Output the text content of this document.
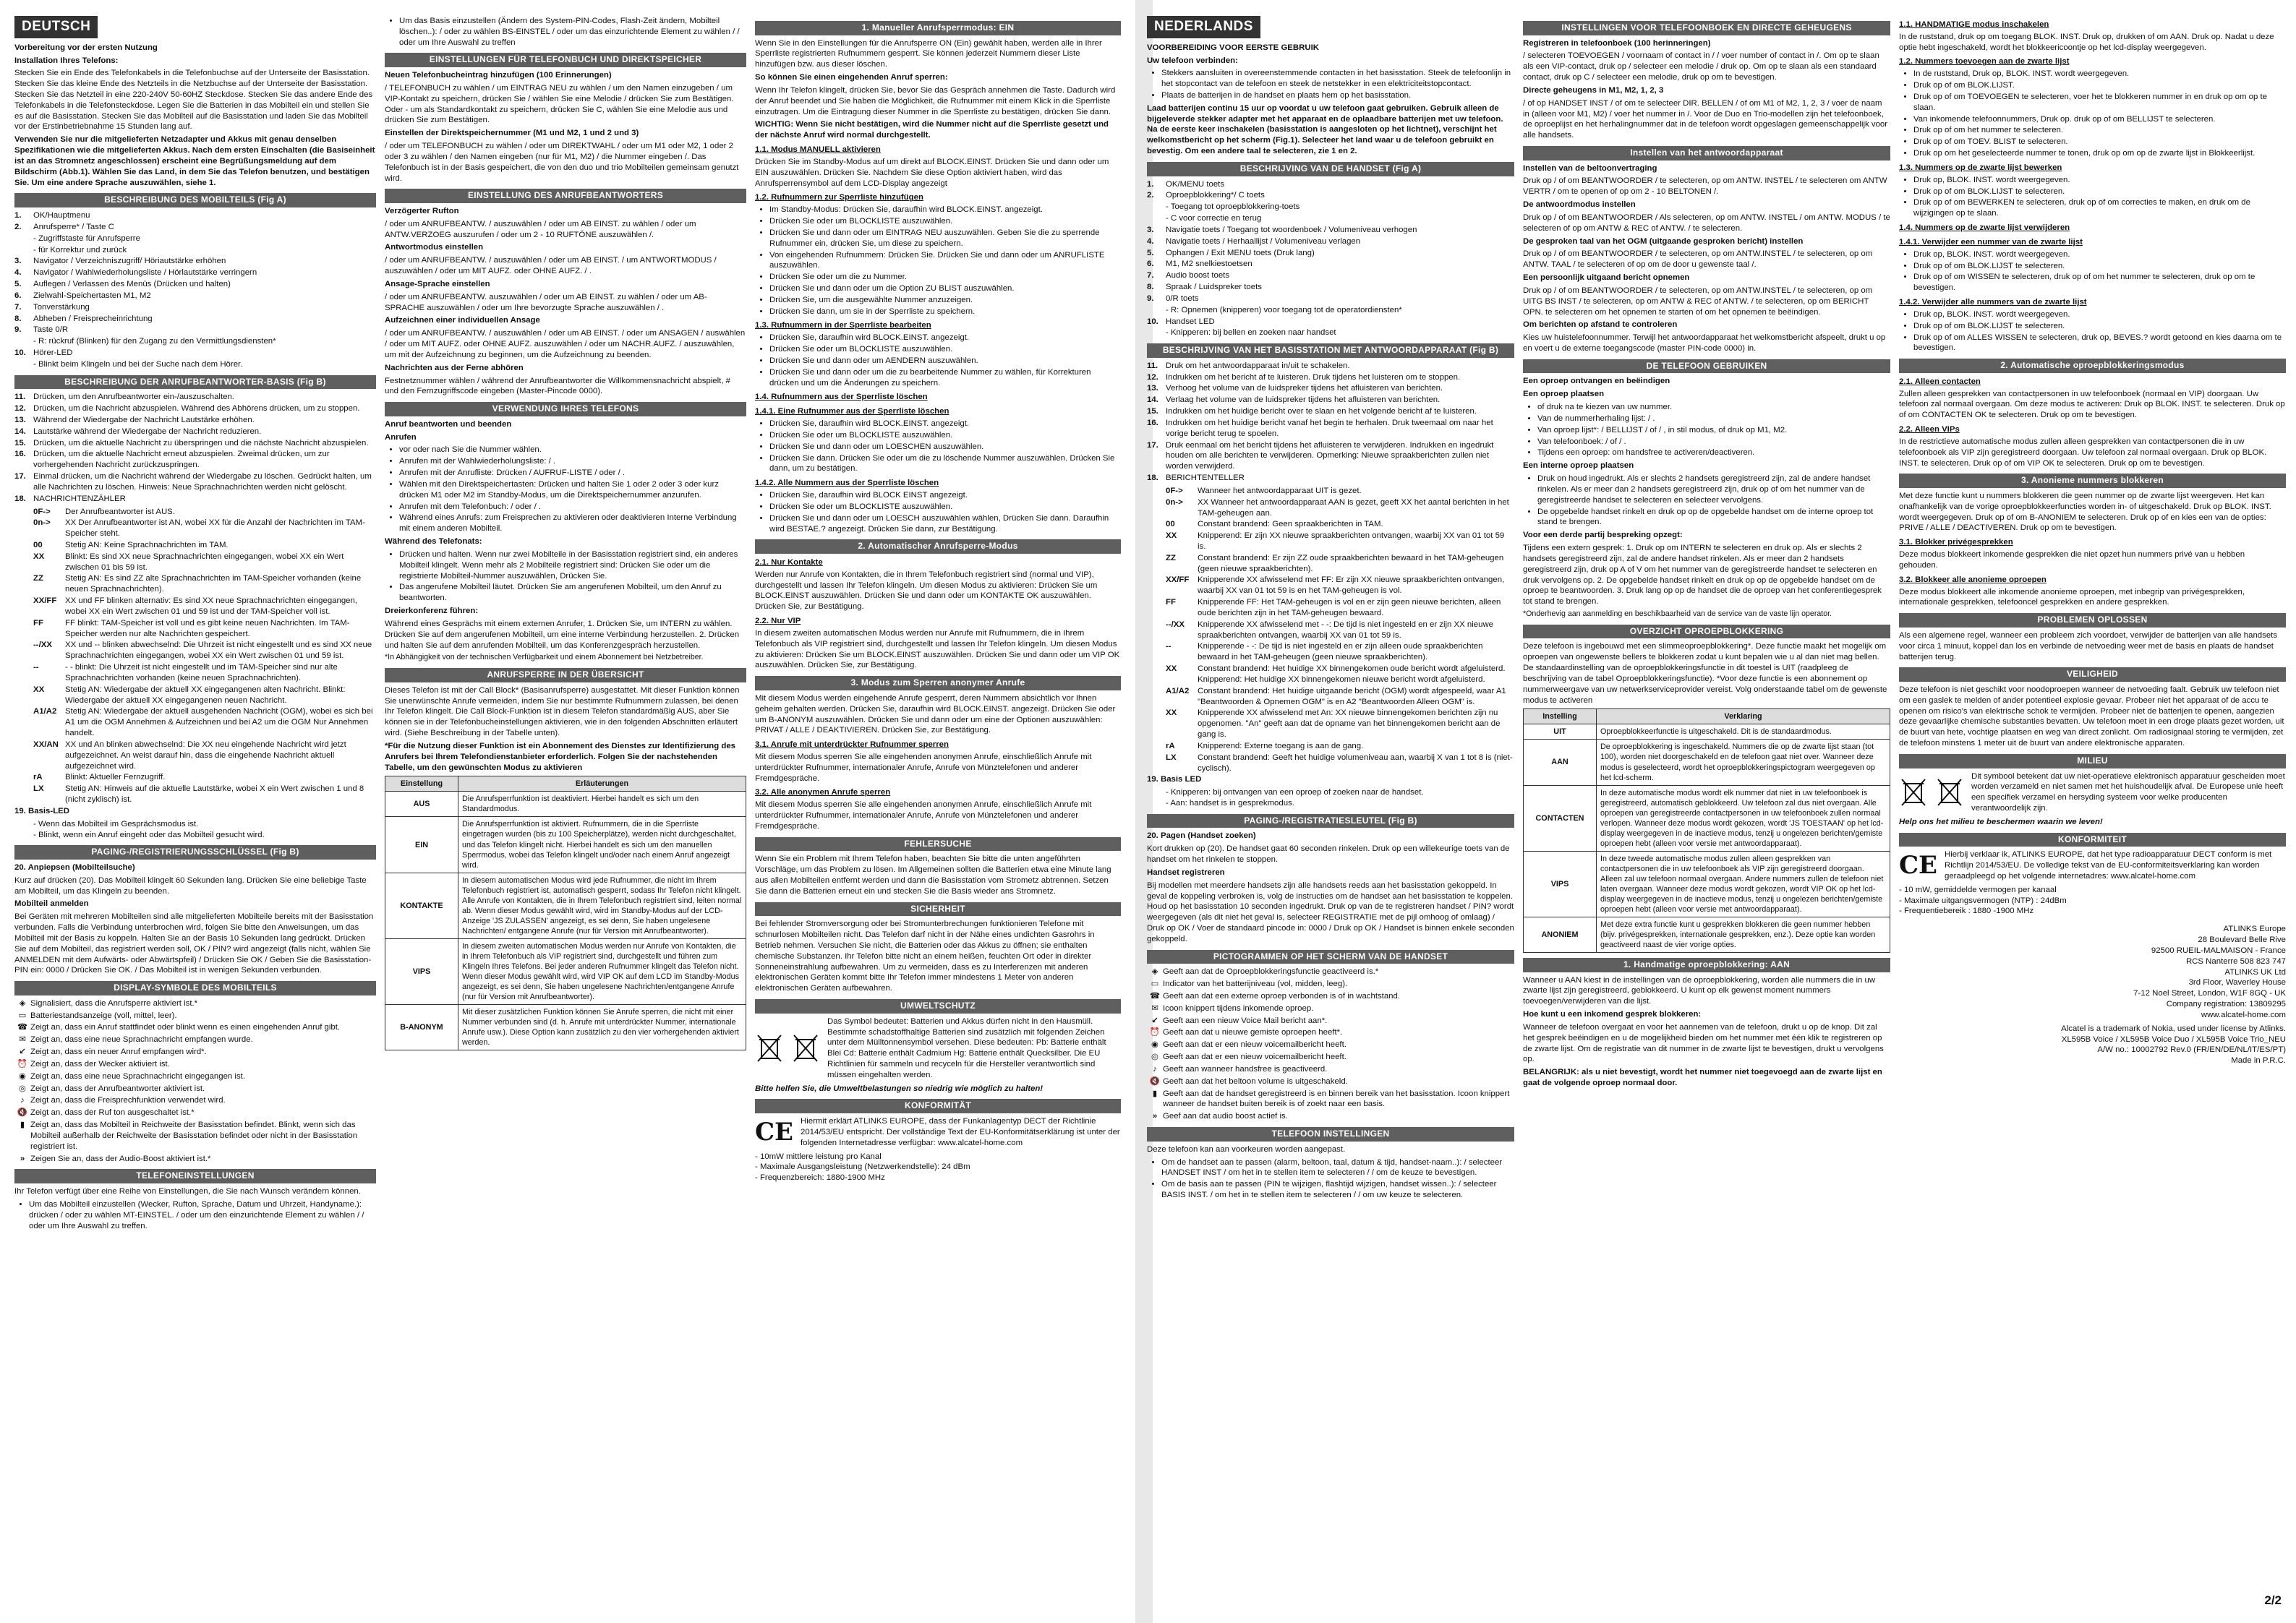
DEUTSCH

Vorbereitung vor der ersten Nutzung

Installation Ihres Telefons:

Stecken Sie ein Ende des Telefonkabels in die Telefonbuchse auf der Unterseite der Basisstation. Stecken Sie das kleine Ende des Netzteils in die Netzbuchse auf der Unterseite der Basisstation. Stecken Sie das Netzteil in eine 220-240V 50-60HZ Steckdose. Stecken Sie das andere Ende des Telefonkabels in die Telefonsteckdose. Legen Sie die Batterien in das Mobilteil ein und stellen Sie es auf die Basisstation. Stecken Sie das Mobilteil auf die Basisstation und laden Sie das Mobilteil vor der Erstinbetriebnahme 15 Stunden lang auf.

Verwenden Sie nur die mitgelieferten Netzadapter und Akkus mit genau denselben Spezifikationen wie die mitgelieferten Akkus. Nach dem ersten Einschalten (die Basiseinheit ist an das Stromnetz angeschlossen) erscheint eine Begrüßungsmeldung auf dem Bildschirm (Abb.1). Wählen Sie das Land, in dem Sie das Telefon benutzen, und bestätigen Sie. Um eine andere Sprache auszuwählen, siehe 1.

BESCHREIBUNG DES MOBILTEILS (Fig A)
1.	OK/Hauptmenu
2.	Anrufsperre* / Taste C
- Zugriffstaste für Anrufsperre
- für Korrektur und zurück
3.	Navigator / Verzeichniszugriff/ Höriautstärke erhöhen
4.	Navigator / Wahlwiederholungsliste / Hörlautstärke verringern
5.	Auflegen / Verlassen des Menüs (Drücken und halten)
6.	Zielwahl-Speichertasten M1, M2
7.	Tonverstärkung
8.	Abheben / Freisprecheinrichtung
9.	Taste 0/R
- R: rückruf (Blinken) für den Zugang zu den Vermittlungsdiensten*
10. Hörer-LED
- Blinkt beim Klingeln und bei der Suche nach dem Hörer.
BESCHREIBUNG DER ANRUFBEANTWORTER-BASIS (Fig B)
11. Drücken, um den Anrufbeantworter ein-/auszuschalten.
12. Drücken, um die Nachricht abzuspielen. Während des Abhörens drücken, um zu stoppen.
13. Während der Wiedergabe der Nachricht Lautstärke erhöhen.
14. Lautstärke während der Wiedergabe der Nachricht reduzieren.
15. Drücken, um die aktuelle Nachricht zu überspringen und die nächste Nachricht abzuspielen.
16. Drücken, um die aktuelle Nachricht erneut abzuspielen. Zweimal drücken, um zur vorhergehenden Nachricht zurückzuspringen.
17. Einmal drücken, um die Nachricht während der Wiedergabe zu löschen. Gedrückt halten, um alle Nachrichten zu löschen. Hinweis: Neue Sprachnachrichten werden nicht gelöscht.
18. NACHRICHTENZÄHLER
0F->	Der Anrufbeantworter ist AUS.
0n->	XX Der Anrufbeantworter ist AN, wobei XX für die Anzahl der Nachrichten im TAM-Speicher steht.
00	Stetig AN: Keine Sprachnachrichten im TAM.
XX	Blinkt: Es sind XX neue Sprachnachrichten eingegangen, wobei XX ein Wert zwischen 01 bis 59 ist.
ZZ	Stetig AN: Es sind ZZ alte Sprachnachrichten im TAM-Speicher vorhanden (keine neuen Sprachnachrichten).
XX/FF	XX und FF blinken alternativ: Es sind XX neue Sprachnachrichten eingegangen, wobei XX ein Wert zwischen 01 und 59 ist und der TAM-Speicher voll ist.
FF	FF blinkt: TAM-Speicher ist voll und es gibt keine neuen Nachrichten. Im TAM-Speicher werden nur alte Nachrichten gespeichert.
--/XX	XX und -- blinken abwechselnd: Die Uhrzeit ist nicht eingestellt und es sind XX neue Sprachnachrichten eingegangen, wobei XX ein Wert zwischen 01 und 59 ist.
--	- - blinkt: Die Uhrzeit ist nicht eingestellt und im TAM-Speicher sind nur alte Sprachnachrichten vorhanden (keine neuen Sprachnachrichten).
XX	Stetig AN: Wiedergabe der aktuell XX eingegangenen alten Nachricht. Blinkt: Wiedergabe der aktuell XX eingegangenen neuen Nachricht.
A1/A2	Stetig AN: Wiedergabe der aktuell ausgehenden Nachricht (OGM), wobei es sich bei A1 um die OGM Annehmen & Aufzeichnen und bei A2 um die OGM Nur Annehmen handelt.
XX/AN XX und An blinken abwechselnd: Die XX neu eingehende Nachricht wird jetzt aufgezeichnet. An weist darauf hin, dass die eingehende Nachricht aktuell aufgezeichnet wird.
rA	Blinkt: Aktueller Fernzugriff.
LX	Stetig AN: Hinweis auf die aktuelle Lautstärke, wobei X ein Wert zwischen 1 und 8 (nicht zyklisch) ist.

19. Basis-LED

- Wenn das Mobilteil im Gesprächsmodus ist.
- Blinkt, wenn ein Anruf eingeht oder das Mobilteil gesucht wird.
PAGING-/REGISTRIERUNGSSCHLÜSSEL (Fig B)

20. Anpiepsen (Mobilteilsuche)

Kurz auf drücken (20). Das Mobilteil klingelt 60 Sekunden lang. Drücken Sie eine beliebige Taste am Mobilteil, um das Klingeln zu beenden.

Mobilteil anmelden

Bei Geräten mit mehreren Mobilteilen sind alle mitgelieferten Mobilteile bereits mit der Basisstation verbunden. Falls die Verbindung unterbrochen wird, folgen Sie bitte den Anweisungen, um das Mobilteil mit der Basis zu koppeln. Halten Sie an der Basis 10 Sekunden lang gedrückt. Drücken Sie auf dem Mobilteil, das registriert werden soll, OK / PIN? wird angezeigt (falls nicht, wählen Sie ANMELDEN mit dem Aufwärts- oder Abwärtspfeil) / Drücken Sie OK / Geben Sie die Basisstation-PIN ein: 0000 / Drücken Sie OK. / Das Mobilteil ist in wenigen Sekunden verbunden.

DISPLAY-SYMBOLE DES MOBILTEILS
◈ Signalisiert, dass die Anrufsperre aktiviert ist.*
▭ Batteriestandsanzeige (voll, mittel, leer).
☎ Zeigt an, dass ein Anruf stattfindet oder blinkt wenn es einen eingehenden Anruf gibt.
✉ Zeigt an, dass eine neue Sprachnachricht empfangen wurde.
↙ Zeigt an, dass ein neuer Anruf empfangen wird*.
⏰ Zeigt an, dass der Wecker aktiviert ist.
◉ Zeigt an, dass eine neue Sprachnachricht eingegangen ist.
◎ Zeigt an, dass der Anrufbeantworter aktiviert ist.
♪ Zeigt an, dass die Freisprechfunktion verwendet wird.
🔇 Zeigt an, dass der Ruf ton ausgeschaltet ist.*
▮ Zeigt an, dass das Mobilteil in Reichweite der Basisstation befindet. Blinkt, wenn sich das Mobilteil außerhalb der Reichweite der Basisstation befindet oder nicht in der Basisstation registriert ist.
» Zeigen Sie an, dass der Audio-Boost aktiviert ist.*
TELEFONEINSTELLUNGEN

Ihr Telefon verfügt über eine Reihe von Einstellungen, die Sie nach Wunsch verändern können.

• Um das Mobilteil einzustellen (Wecker, Rufton, Sprache, Datum und Uhrzeit, Handyname.): drücken / oder zu wählen MT-EINSTEL. / oder um den einzurichtende Element zu wählen / / oder um Ihre Auswahl zu treffen.
• Um das Basis einzustellen (Ändern des System-PIN-Codes, Flash-Zeit ändern, Mobilteil löschen..): / oder zu wählen BS-EINSTEL / oder um das einzurichtende Element zu wählen / / oder um Ihre Auswahl zu treffen
EINSTELLUNGEN FÜR TELEFONBUCH UND DIREKTSPEICHER

Neuen Telefonbucheintrag hinzufügen (100 Erinnerungen)

/ TELEFONBUCH zu wählen / um EINTRAG NEU zu wählen / um den Namen einzugeben / um VIP-Kontakt zu speichern, drücken Sie / wählen Sie eine Melodie / drücken Sie zum Bestätigen. Oder - um als Standardkontakt zu speichern, drücken Sie C, wählen Sie eine Melodie aus und drücken Sie zum Bestätigen.

Einstellen der Direktspeichernummer (M1 und M2, 1 und 2 und 3)

/ oder um TELEFONBUCH zu wählen / oder um DIREKTWAHL / oder um M1 oder M2, 1 oder 2 oder 3 zu wählen / den Namen eingeben (nur für M1, M2) / die Nummer eingeben /. Das Telefonbuch ist in der Basis gespeichert, die von den duo und trio Mobilteilen gemeinsam genutzt wird.

EINSTELLUNG DES ANRUFBEANTWORTERS

Verzögerter Rufton

/ oder um ANRUFBEANTW. / auszuwählen / oder um AB EINST. zu wählen / oder um ANTW.VERZOEG auszurufen / oder um 2 - 10 RUFTÖNE auszuwählen /.

Antwortmodus einstellen

/ oder um ANRUFBEANTW. / auszuwählen / oder um AB EINST. / um ANTWORTMODUS / auszuwählen / oder um MIT AUFZ. oder OHNE AUFZ. / .

Ansage-Sprache einstellen

/ oder um ANRUFBEANTW. auszuwählen / oder um AB EINST. zu wählen / oder um AB-SPRACHE auszuwählen / oder um Ihre bevorzugte Sprache auszuwählen / .

Aufzeichnen einer individuellen Ansage

/ oder um ANRUFBEANTW. / auszuwählen / oder um AB EINST. / oder um ANSAGEN / auswählen / oder um MIT AUFZ. oder OHNE AUFZ. auszuwählen / oder um NACHR.AUFZ. / auszuwählen, um mit der Aufzeichnung zu beginnen, um die Aufzeichnung zu beenden.

Nachrichten aus der Ferne abhören

Festnetznummer wählen / während der Anrufbeantworter die Willkommensnachricht abspielt, # und den Fernzugriffscode eingeben (Master-Pincode 0000).

VERWENDUNG IHRES TELEFONS

Anruf beantworten und beenden

Anrufen

• vor oder nach Sie die Nummer wählen.
• Anrufen mit der Wahlwiederholungsliste: / .
• Anrufen mit der Anrufliste: Drücken / AUFRUF-LISTE / oder / .
• Wählen mit den Direktspeichertasten: Drücken und halten Sie 1 oder 2 oder 3 oder kurz drücken M1 oder M2 im Standby-Modus, um die Direktspeichernummer anzurufen.
• Anrufen mit dem Telefonbuch: / oder / .
• Während eines Anrufs: zum Freisprechen zu aktivieren oder deaktivieren Interne Verbindung mit einem anderen Mobilteil.

Während des Telefonats:

• Drücken und halten. Wenn nur zwei Mobilteile in der Basisstation registriert sind, ein anderes Mobilteil klingelt. Wenn mehr als 2 Mobilteile registriert sind: Drücken Sie oder um die registrierte Mobilteil-Nummer auszuwählen, Drücken Sie.
• Das angerufene Mobilteil läutet. Drücken Sie am angerufenen Mobilteil, um den Anruf zu beantworten.

Dreierkonferenz führen:

Während eines Gesprächs mit einem externen Anrufer, 1. Drücken Sie, um INTERN zu wählen. Drücken Sie auf dem angerufenen Mobilteil, um eine interne Verbindung herzustellen. 2. Drücken und halten Sie auf dem anrufenden Mobilteil, um das Konferenzgespräch herzustellen.

*In Abhängigkeit von der technischen Verfügbarkeit und einem Abonnement bei Netzbetreiber.

ANRUFSPERRE IN DER ÜBERSICHT

Dieses Telefon ist mit der Call Block* (Basisanrufsperre) ausgestattet. Mit dieser Funktion können Sie unerwünschte Anrufe vermeiden, indem Sie nur bestimmte Rufnummern zulassen, bei denen Ihr Telefon klingelt. Die Call Block-Funktion ist in diesem Telefon standardmäßig AUS, aber Sie können sie in der Telefonbucheinstellungen aktivieren, wie in den folgenden Abschnitten erläutert wird. (Siehe Beschreibung in der Tabelle unten).

*Für die Nutzung dieser Funktion ist ein Abonnement des Dienstes zur Identifizierung des Anrufers bei Ihrem Telefondienstanbieter erforderlich. Folgen Sie der nachstehenden Tabelle, um den gewünschten Modus zu aktivieren

Einstellung	Erläuterungen
AUS	Die Anrufsperrfunktion ist deaktiviert. Hierbei handelt es sich um den Standardmodus.
EIN	Die Anrufsperrfunktion ist aktiviert. Rufnummern, die in die Sperrliste eingetragen wurden (bis zu 100 Speicherplätze), werden nicht durchgeschaltet, und das Telefon klingelt nicht. Hierbei handelt es sich um den manuellen Sperrmodus, wobei das Telefon klingelt und/oder nach einem Anruf angezeigt wird.
KONTAKTE	In diesem automatischen Modus wird jede Rufnummer, die nicht im Ihrem Telefonbuch registriert ist, automatisch gesperrt, sodass Ihr Telefon nicht klingelt. Alle Anrufe von Kontakten, die in Ihrem Telefonbuch registriert sind, leiten normal ab. Wenn dieser Modus gewählt wird, wird im Standby-Modus auf der LCD-Anzeige 'JS ZULASSEN' angezeigt, es sei denn, Sie haben ungelesene Nachrichten/ entgangene Anrufe (nur für Version mit Anrufbeantworter).
VIPS	In diesem zweiten automatischen Modus werden nur Anrufe von Kontakten, die in Ihrem Telefonbuch als VIP registriert sind, durchgestellt und führen zum Klingeln Ihres Telefons. Bei jeder anderen Rufnummer klingelt das Telefon nicht. Wenn dieser Modus gewählt wird, wird VIP OK auf dem LCD im Standby-Modus angezeigt, es sei denn, Sie haben ungelesene Nachrichten/entgangene Anrufe (nur für Version mit Anrufbeantworter).
B-ANONYM	Mit dieser zusätzlichen Funktion können Sie Anrufe sperren, die nicht mit einer Nummer verbunden sind (d. h. Anrufe mit unterdrückter Nummer, internationale Anrufe usw.). Diese Option kann zusätzlich zu den vier vorhergehenden aktiviert werden.
1. Manueller Anrufsperrmodus: EIN

Wenn Sie in den Einstellungen für die Anrufsperre ON (Ein) gewählt haben, werden alle in Ihrer Sperrliste registrierten Rufnummern gesperrt. Sie können jederzeit Nummern dieser Liste hinzufügen bzw. aus dieser löschen.

So können Sie einen eingehenden Anruf sperren:

Wenn Ihr Telefon klingelt, drücken Sie, bevor Sie das Gespräch annehmen die Taste. Dadurch wird der Anruf beendet und Sie haben die Möglichkeit, die Rufnummer mit einem Klick in die Sperrliste einzutragen. Um die Eintragung dieser Nummer in die Sperrliste zu bestätigen, drücken Sie dann.

WICHTIG: Wenn Sie nicht bestätigen, wird die Nummer nicht auf die Sperrliste gesetzt und der nächste Anruf wird normal durchgestellt.

1.1. Modus MANUELL aktivieren

Drücken Sie im Standby-Modus auf um direkt auf BLOCK.EINST. Drücken Sie und dann oder um EIN auszuwählen. Drücken Sie. Nachdem Sie diese Option aktiviert haben, wird das Anrufsperrensymbol auf dem LCD-Display angezeigt

1.2. Rufnummern zur Sperrliste hinzufügen

• Im Standby-Modus: Drücken Sie, daraufhin wird BLOCK.EINST. angezeigt.
• Drücken Sie oder um BLOCKLISTE auszuwählen.
• Drücken Sie und dann oder um EINTRAG NEU auszuwählen. Geben Sie die zu sperrende Rufnummer ein, drücken Sie, um diese zu speichern.
• Von eingehenden Rufnummern: Drücken Sie. Drücken Sie und dann oder um ANRUFLISTE auszuwählen.
• Drücken Sie oder um die zu Nummer.
• Drücken Sie und dann oder um die Option ZU BLIST auszuwählen.
• Drücken Sie, um die ausgewählte Nummer anzuzeigen.
• Drücken Sie dann, um sie in der Sperrliste zu speichern.

1.3. Rufnummern in der Sperrliste bearbeiten

• Drücken Sie, daraufhin wird BLOCK.EINST. angezeigt.
• Drücken Sie oder um BLOCKLISTE auszuwählen.
• Drücken Sie und dann oder um AENDERN auszuwählen.
• Drücken Sie und dann oder um die zu bearbeitende Nummer zu wählen, für Korrekturen drücken und um die Änderungen zu speichern.

1.4. Rufnummern aus der Sperrliste löschen

1.4.1. Eine Rufnummer aus der Sperrliste löschen

• Drücken Sie, daraufhin wird BLOCK.EINST. angezeigt.
• Drücken Sie oder um BLOCKLISTE auszuwählen.
• Drücken Sie und dann oder um LOESCHEN auszuwählen.
• Drücken Sie dann. Drücken Sie oder um die zu löschende Nummer auszuwählen. Drücken Sie dann, um zu bestätigen.

1.4.2. Alle Nummern aus der Sperrliste löschen

• Drücken Sie, daraufhin wird BLOCK EINST angezeigt.
• Drücken Sie oder um BLOCKLISTE auszuwählen.
• Drücken Sie und dann oder um LOESCH auszuwählen wählen, Drücken Sie dann. Daraufhin wird BESTAE.? angezeigt. Drücken Sie dann, zur Bestätigung.
2. Automatischer Anrufsperre-Modus

2.1. Nur Kontakte

Werden nur Anrufe von Kontakten, die in Ihrem Telefonbuch registriert sind (normal und VIP), durchgestellt und lassen Ihr Telefon klingeln. Um diesen Modus zu aktivieren: Drücken Sie um BLOCK.EINST auszuwählen. Drücken Sie und dann oder um KONTAKTE OK auszuwählen. Drücken Sie, zur Bestätigung.

2.2. Nur VIP

In diesem zweiten automatischen Modus werden nur Anrufe mit Rufnummern, die in Ihrem Telefonbuch als VIP registriert sind, durchgestellt und lassen Ihr Telefon klingeln. Um diesen Modus zu aktivieren: Drücken Sie um BLOCK.EINST auszuwählen. Drücken Sie und dann oder um VIP OK auszuwählen. Drücken Sie, zur Bestätigung.

3. Modus zum Sperren anonymer Anrufe

Mit diesem Modus werden eingehende Anrufe gesperrt, deren Nummern absichtlich vor Ihnen geheim gehalten werden. Drücken Sie, daraufhin wird BLOCK.EINST. angezeigt. Drücken Sie oder um B-ANONYM auszuwählen. Drücken Sie und dann oder um eine der Optionen auszuwählen: PRIVAT / ALLE / DEAKTIVIEREN. Drücken Sie, zur Bestätigung.

3.1. Anrufe mit unterdrückter Rufnummer sperren

Mit diesem Modus sperren Sie alle eingehenden anonymen Anrufe, einschließlich Anrufe mit unterdrückter Rufnummer, internationaler Anrufe, Anrufe von Münztelefonen und anderer Fremdgespräche.

3.2. Alle anonymen Anrufe sperren

Mit diesem Modus sperren Sie alle eingehenden anonymen Anrufe, einschließlich Anrufe mit unterdrückter Rufnummer, internationaler Anrufe, Anrufe von Münztelefonen und anderer Fremdgespräche.

FEHLERSUCHE

Wenn Sie ein Problem mit Ihrem Telefon haben, beachten Sie bitte die unten angeführten Vorschläge, um das Problem zu lösen. Im Allgemeinen sollten die Batterien etwa eine Minute lang aus allen Mobilteilen entfernt werden und dann die Basisstation vom Strometz abtrennen. Setzen Sie dann die Batterien erneut ein und stecken Sie die Basis wieder ans Stromnetz.

SICHERHEIT

Bei fehlender Stromversorgung oder bei Stromunterbrechungen funktionieren Telefone mit schnurlosen Mobilteilen nicht. Das Telefon darf nicht in der Nähe eines undichten Gasrohrs in Betrieb nehmen. Versuchen Sie nicht, die Batterien oder das Akkus zu öffnen; sie enthalten chemische Substanzen. Ihr Telefon bitte nicht an einem heißen, feuchten Ort oder in direkter Sonneneinstrahlung aufbewahren. Um zu vermeiden, dass es zu Interferenzen mit anderen elektronischen Geräten kommt bitte Ihr Telefon immer mindestens 1 Meter von anderen elektronischen Geräten aufbewahren.

UMWELTSCHUTZ

Das Symbol bedeutet: Batterien und Akkus dürfen nicht in den Hausmüll. Bestimmte schadstoffhaltige Batterien sind zusätzlich mit folgenden Zeichen unter dem Mülltonnensymbol versehen. Diese bedeuten: Pb: Batterie enthält Blei Cd: Batterie enthält Cadmium Hg: Batterie enthält Quecksilber. Die EU Richtlinien für sammeln und recyceln für die Hersteller verantwortlich sind müssen eingehalten werden.

Bitte helfen Sie, die Umweltbelastungen so niedrig wie möglich zu halten!

KONFORMITÄT
CE Hiermit erklärt ATLINKS EUROPE, dass der Funkanlagentyp DECT der Richtlinie 2014/53/EU entspricht. Der vollständige Text der EU-Konformitätserklärung ist unter der folgenden Internetadresse verfügbar: www.alcatel-home.com

- 10mW mittlere leistung pro Kanal
- Maximale Ausgangsleistung (Netzwerkendstelle): 24 dBm
- Frequenzbereich: 1880-1900 MHz
NEDERLANDS

VOORBEREIDING VOOR EERSTE GEBRUIK

Uw telefoon verbinden:

• Stekkers aansluiten in overeenstemmende contacten in het basisstation. Steek de telefoonlijn in het stopcontact van de telefoon en steek de netstekker in een elektriciteitstopcontact.
• Plaats de batterijen in de handset en plaats hem op het basisstation.

Laad batterijen continu 15 uur op voordat u uw telefoon gaat gebruiken. Gebruik alleen de bijgeleverde stekker adapter met het apparaat en de oplaadbare batterijen met uw telefoon. Na de eerste keer inschakelen (basisstation is aangesloten op het lichtnet), verschijnt het welkomstbericht op het scherm (Fig.1). Selecteer het land waar u de telefoon gebruikt en bevestig. Om een andere taal te selecteren, zie 1 en 2.

BESCHRIJVING VAN DE HANDSET (Fig A)
1.	OK/MENU toets
2.	Oproepblokkering*/ C toets
- Toegang tot oproepblokkering-toets
- C voor correctie en terug
3.	Navigatie toets / Toegang tot woordenboek / Volumeniveau verhogen
4.	Navigatie toets / Herhaallijst / Volumeniveau verlagen
5.	Ophangen / Exit MENU toets (Druk lang)
6.	M1, M2 snelkiestoetsen
7.	Audio boost toets
8.	Spraak / Luidspreker toets
9.	0/R toets
- R: Opnemen (knipperen) voor toegang tot de operatordiensten*
10. Handset LED
- Knipperen: bij bellen en zoeken naar handset
BESCHRIJVING VAN HET BASISSTATION MET ANTWOORDAPPARAAT (Fig B)
11. Druk om het antwoordapparaat in/uit te schakelen.
12. Indrukken om het bericht af te luisteren. Druk tijdens het luisteren om te stoppen.
13. Verhoog het volume van de luidspreker tijdens het afluisteren van berichten.
14. Verlaag het volume van de luidspreker tijdens het afluisteren van berichten.
15. Indrukken om het huidige bericht over te slaan en het volgende bericht af te luisteren.
16. Indrukken om het huidige bericht vanaf het begin te herhalen. Druk tweemaal om naar het vorige bericht terug te spoelen.
17. Druk eenmaal om het bericht tijdens het afluisteren te verwijderen. Indrukken en ingedrukt houden om alle berichten te verwijderen. Opmerking: Nieuwe spraakberichten zullen niet worden verwijderd.
18. BERICHTENTELLER
0F->	Wanneer het antwoordapparaat UIT is gezet.
0n->	XX Wanneer het antwoordapparaat AAN is gezet, geeft XX het aantal berichten in het TAM-geheugen aan.
00	Constant brandend: Geen spraakberichten in TAM.
XX	Knipperend: Er zijn XX nieuwe spraakberichten ontvangen, waarbij XX van 01 tot 59 is.
ZZ	Constant brandend: Er zijn ZZ oude spraakberichten bewaard in het TAM-geheugen (geen nieuwe spraakberichten).
XX/FF	Knipperende XX afwisselend met FF: Er zijn XX nieuwe spraakberichten ontvangen, waarbij XX van 01 tot 59 is en het TAM-geheugen is vol.
FF	Knipperende FF: Het TAM-geheugen is vol en er zijn geen nieuwe berichten, alleen oude berichten zijn in het TAM-geheugen bewaard.
--/XX	Knipperende XX afwisselend met - -: De tijd is niet ingesteld en er zijn XX nieuwe spraakberichten ontvangen, waarbij XX van 01 tot 59 is.
--	Knipperende - -: De tijd is niet ingesteld en er zijn alleen oude spraakberichten bewaard in het TAM-geheugen (geen nieuwe spraakberichten).
XX	Constant brandend: Het huidige XX binnengekomen oude bericht wordt afgeluisterd. Knipperend: Het huidige XX binnengekomen nieuwe bericht wordt afgeluisterd.
A1/A2	Constant brandend: Het huidige uitgaande bericht (OGM) wordt afgespeeld, waar A1 "Beantwoorden & Opnemen OGM" is en A2 "Beantwoorden Alleen OGM" is.
XX	Knipperende XX afwisselend met An: XX nieuwe binnengekomen berichten zijn nu opgenomen. "An" geeft aan dat de opname van het binnengekomen bericht aan de gang is.
rA	Knipperend: Externe toegang is aan de gang.
LX	Constant brandend: Geeft het huidige volumeniveau aan, waarbij X van 1 tot 8 is (niet-cyclisch).

19. Basis LED

- Knipperen: bij ontvangen van een oproep of zoeken naar de handset.
- Aan: handset is in gesprekmodus.
PAGING-/REGISTRATIESLEUTEL (Fig B)

20. Pagen (Handset zoeken)

Kort drukken op (20). De handset gaat 60 seconden rinkelen. Druk op een willekeurige toets van de handset om het rinkelen te stoppen.

Handset registreren

Bij modellen met meerdere handsets zijn alle handsets reeds aan het basisstation gekoppeld. In geval de koppeling verbroken is, volg de instructies om de handset aan het basisstation te koppelen. Houd op het basisstation 10 seconden ingedrukt. Druk op van de te registreren handset / PIN? wordt weergegeven (als dit niet het geval is, selecteer REGISTRATIE met de pijl omhoog of omlaag) / Druk op OK / Voer de standaard pincode in: 0000 / Druk op OK / Handset is binnen enkele seconden gekoppeld.

PICTOGRAMMEN OP HET SCHERM VAN DE HANDSET
◈ Geeft aan dat de Oproepblokkeringsfunctie geactiveerd is.*
▭ Indicator van het batterijniveau (vol, midden, leeg).
☎ Geeft aan dat een externe oproep verbonden is of in wachtstand.
✉ Icoon knippert tijdens inkomende oproep.
↙ Geeft aan een nieuw Voice Mail bericht aan*.
⏰ Geeft aan dat u nieuwe gemiste oproepen heeft*.
◉ Geeft aan dat er een nieuw voicemailbericht heeft.
◎ Geeft aan dat er een nieuw voicemailbericht heeft.
♪ Geeft aan wanneer handsfree is geactiveerd.
🔇 Geeft aan dat het beltoon volume is uitgeschakeld.
▮ Geeft aan dat de handset geregistreerd is en binnen bereik van het basisstation. Icoon knippert wanneer de handset buiten bereik is of zoekt naar een basis.
» Geef aan dat audio boost actief is.
TELEFOON INSTELLINGEN

Deze telefoon kan aan voorkeuren worden aangepast.

• Om de handset aan te passen (alarm, beltoon, taal, datum & tijd, handset-naam..): / selecteer HANDSET INST / om het in te stellen item te selecteren / / om de keuze te bevestigen.
• Om de basis aan te passen (PIN te wijzigen, flashtijd wijzigen, handset wissen..): / selecteer BASIS INST. / om het in te stellen item te selecteren / / om uw keuze te selecteren.
INSTELLINGEN VOOR TELEFOONBOEK EN DIRECTE GEHEUGENS

Registreren in telefoonboek (100 herinneringen)

/ selecteren TOEVOEGEN / voornaam of contact in / / voer number of contact in /. Om op te slaan als een VIP-contact, druk op / selecteer een melodie / druk op. Om op te slaan als een standaard contact, druk op C / selecteer een melodie, druk op om te bevestigen.

Directe geheugens in M1, M2, 1, 2, 3

/ of op HANDSET INST / of om te selecteer DIR. BELLEN / of om M1 of M2, 1, 2, 3 / voer de naam in (alleen voor M1, M2) / voer het nummer in /. Voor de Duo en Trio-modellen zijn het telefoonboek, de oproeplijst en het herhalingnummer dat in de telefoon wordt opgeslagen gemeenschappelijk voor alle handsets.

Instellen van het antwoordapparaat

Instellen van de beltoonvertraging

Druk op / of om BEANTWOORDER / te selecteren, op om ANTW. INSTEL / te selecteren om ANTW VERTR / om te openen of op om 2 - 10 BELTONEN /.

De antwoordmodus instellen

Druk op / of om BEANTWOORDER / Als selecteren, op om ANTW. INSTEL / om ANTW. MODUS / te selecteren of op om ANTW & REC of ANTW. / te selecteren.

De gesproken taal van het OGM (uitgaande gesproken bericht) instellen

Druk op / of om BEANTWOORDER / te selecteren, op om ANTW.INSTEL / te selecteren, op om ANTW. TAAL / te selecteren of op om de door u gewenste taal /.

Een persoonlijk uitgaand bericht opnemen

Druk op / of om BEANTWOORDER / te selecteren, op om ANTW.INSTEL / te selecteren, op om UITG BS INST / te selecteren, op om ANTW & REC of ANTW. / te selecteren, op om BERICHT OPN. te selecteren om het opnemen te starten of om het opnemen te beëindigen.

Om berichten op afstand te controleren

Kies uw huistelefoonnummer. Terwijl het antwoordapparaat het welkomstbericht afspeelt, drukt u op en voert u de externe toegangscode (master PIN-code 0000) in.

DE TELEFOON GEBRUIKEN

Een oproep ontvangen en beëindigen

Een oproep plaatsen

• of druk na te kiezen van uw nummer.
• Van de nummerherhaling lijst: / .
• Van oproep lijst*: / BELLIJST / of / , in stil modus, of druk op M1, M2.
• Van telefoonboek: / of / .
• Tijdens een oproep: om handsfree te activeren/deactiveren.

Een interne oproep plaatsen

• Druk on houd ingedrukt. Als er slechts 2 handsets geregistreerd zijn, zal de andere handset rinkelen. Als er meer dan 2 handsets geregistreerd zijn, druk op of om het nummer van de geregistreerde handset te selecteren en selecteer vervolgens.
• De opgebelde handset rinkelt en druk op op de opgebelde handset om de interne oproep tot stand te brengen.

Voor een derde partij bespreking opzegt:

Tijdens een extern gesprek: 1. Druk op om INTERN te selecteren en druk op. Als er slechts 2 handsets geregistreerd zijn, zal de andere handset rinkelen. Als er meer dan 2 handsets geregistreerd zijn, druk op A of V om het nummer van de geregistreerde handset te selecteren en druk vervolgens op. 2. De opgebelde handset rinkelt en druk op op de opgebelde handset om de oproep te beantwoorden. 3. Druk lang op op de handset die de oproep van het conferentiegesprek tot stand te brengen.

*Onderhevig aan aanmelding en beschikbaarheid van de service van de vaste lijn operator.

OVERZICHT OPROEPBLOKKERING

Deze telefoon is ingebouwd met een slimmeoproepblokkering*. Deze functie maakt het mogelijk om oproepen van ongewenste bellers te blokkeren zodat u kunt bepalen wie u al dan niet mag bellen. De standaardinstelling van de oproepblokkeringsfunctie in dit toestel is UIT (raadpleeg de beschrijving van de tabel Oproepblokkeringsfunctie). *Voor deze functie is een abonnement op nummerweergave van uw netwerkserviceprovider vereist. Volg onderstaande tabel om de gewenste modus te activeren

Instelling	Verklaring
UIT	Oproepblokkeerfunctie is uitgeschakeld. Dit is de standaardmodus.
AAN	De oproepblokkering is ingeschakeld. Nummers die op de zwarte lijst staan (tot 100), worden niet doorgeschakeld en de telefoon gaat niet over. Wanneer deze modus is geselecteerd, wordt het oproepblokkeringspictogram weergegeven op het lcd-scherm.
CONTACTEN	In deze automatische modus wordt elk nummer dat niet in uw telefoonboek is geregistreerd, automatisch geblokkeerd. Uw telefoon zal dus niet overgaan. Alle oproepen van geregistreerde contactpersonen in uw telefoonboek zullen normaal verlopen. Wanneer deze modus wordt gekozen, wordt 'JS TOESTAAN' op het lcd-display weergegeven in de inactieve modus, tenzij u ongelezen berichten/gemiste oproepen hebt (alleen voor versie met antwoordapparaat).
VIPS	In deze tweede automatische modus zullen alleen gesprekken van contactpersonen die in uw telefoonboek als VIP zijn geregistreerd doorgaan. Alleen zal uw telefoon normaal overgaan. Andere nummers zullen de telefoon niet laten overgaan. Wanneer deze modus wordt gekozen, wordt VIP OK op het lcd-display weergegeven in de inactieve modus, tenzij u ongelezen berichten/gemiste oproepen hebt (alleen voor versie met antwoordapparaat).
ANONIEM	Met deze extra functie kunt u gesprekken blokkeren die geen nummer hebben (bijv. privégesprekken, internationale gesprekken, enz.). Deze optie kan worden geactiveerd naast de vier vorige opties.
1. Handmatige oproepblokkering: AAN

Wanneer u AAN kiest in de instellingen van de oproepblokkering, worden alle nummers die in uw zwarte lijst zijn geregistreerd, geblokkeerd. U kunt op elk gewenst moment nummers toevoegen/verwijderen van die lijst.

Hoe kunt u een inkomend gesprek blokkeren:

Wanneer de telefoon overgaat en voor het aannemen van de telefoon, drukt u op de knop. Dit zal het gesprek beëindigen en u de mogelijkheid bieden om het nummer met één klik te registreren op de zwarte lijst. Om de registratie van dit nummer in de zwarte lijst te bevestigen, drukt u vervolgens op.

BELANGRIJK: als u niet bevestigt, wordt het nummer niet toegevoegd aan de zwarte lijst en gaat de volgende oproep normaal door.

1.1. HANDMATIGE modus inschakelen

In de ruststand, druk op om toegang BLOK. INST. Druk op, drukken of om AAN. Druk op. Nadat u deze optie hebt ingeschakeld, wordt het blokkeericoontje op het lcd-display weergegeven.

1.2. Nummers toevoegen aan de zwarte lijst

• In de ruststand, Druk op, BLOK. INST. wordt weergegeven.
• Druk op of om BLOK.LIJST.
• Druk op of om TOEVOEGEN te selecteren, voer het te blokkeren nummer in en druk op om op te slaan.
• Van inkomende telefoonnummers, Druk op. druk op of om BELLIJST te selecteren.
• Druk op of om het nummer te selecteren.
• Druk op of om TOEV. BLIST te selecteren.
• Druk op om het geselecteerde nummer te tonen, druk op om op de zwarte lijst in Blokkeerlijst.

1.3. Nummers op de zwarte lijst bewerken

• Druk op, BLOK. INST. wordt weergegeven.
• Druk op of om BLOK.LIJST te selecteren.
• Druk op of om BEWERKEN te selecteren, druk op of om correcties te maken, en druk om de wijzigingen op te slaan.

1.4. Nummers op de zwarte lijst verwijderen

1.4.1. Verwijder een nummer van de zwarte lijst

• Druk op, BLOK. INST. wordt weergegeven.
• Druk op of om BLOK.LIJST te selecteren.
• Druk op of om WISSEN te selecteren, druk op of om het nummer te selecteren, druk op om te bevestigen.

1.4.2. Verwijder alle nummers van de zwarte lijst

• Druk op, BLOK. INST. wordt weergegeven.
• Druk op of om BLOK.LIJST te selecteren.
• Druk op of om ALLES WISSEN te selecteren, druk op, BEVES.? wordt getoond en kies daarna om te bevestigen.
2. Automatische oproepblokkeringsmodus

2.1. Alleen contacten

Zullen alleen gesprekken van contactpersonen in uw telefoonboek (normaal en VIP) doorgaan. Uw telefoon zal normaal overgaan. Om deze modus te activeren: Druk op BLOK. INST. te selecteren. Druk op of om CONTACTEN OK te selecteren. Druk op om te bevestigen.

2.2. Alleen VIPs

In de restrictieve automatische modus zullen alleen gesprekken van contactpersonen die in uw telefoonboek als VIP zijn geregistreerd doorgaan. Uw telefoon zal normaal overgaan. Druk op BLOK. INST. te selecteren. Druk op of om VIP OK te selecteren. Druk op om te bevestigen.

3. Anonieme nummers blokkeren

Met deze functie kunt u nummers blokkeren die geen nummer op de zwarte lijst weergeven. Het kan onafhankelijk van de vorige oproepblokkeerfuncties worden in- of uitgeschakeld. Druk op BLOK. INST. wordt weergegeven. Druk op of om B-ANONIEM te selecteren. Druk op of en kies een van de opties: PRIVE / ALLE / DEACTIVEREN. Druk op om te bevestigen.

3.1. Blokker privégesprekken

Deze modus blokkeert inkomende gesprekken die niet opzet hun nummers privé van u hebben gehouden.

3.2. Blokkeer alle anonieme oproepen

Deze modus blokkeert alle inkomende anonieme oproepen, met inbegrip van privégesprekken, internationale gesprekken, telefooncel gesprekken en andere gesprekken.

PROBLEMEN OPLOSSEN

Als een algemene regel, wanneer een probleem zich voordoet, verwijder de batterijen van alle handsets voor circa 1 minuut, koppel dan los en verbinde de netvoeding weer met de basis en plaats de handset batterijen terug.

VEILIGHEID

Deze telefoon is niet geschikt voor noodoproepen wanneer de netvoeding faalt. Gebruik uw telefoon niet om een gaslek te melden of ander potentieel explosie gevaar. Probeer niet het apparaat of de accu te openen om risico's van elektrische schok te vermijden. Probeer niet de batterijen te openen, aangezien deze gevaarlijke chemische substanties bevatten. Uw telefoon moet in een droge plaats gezet worden, uit de buurt van hete, vochtige plaatsen en weg van direct zonlicht. Om radiosignaal storing te vermijden, zet de telefoon minstens 1 meter uit de buurt van andere elektronische apparaten.

MILIEU

Dit symbool betekent dat uw niet-operatieve elektronisch apparatuur gescheiden moet worden verzameld en niet samen met het huishoudelijk afval. De Europese unie heeft een specifiek verzamel en hersyding systeem voor welke producenten verantwoordelijk zijn.

Help ons het milieu te beschermen waarin we leven!

KONFORMITEIT
CE Hierbij verklaar ik, ATLINKS EUROPE, dat het type radioapparatuur DECT conform is met Richtlijn 2014/53/EU. De volledige tekst van de EU-conformiteitsverklaring kan worden geraadpleegd op het volgende internetadres: www.alcatel-home.com

- 10 mW, gemiddelde vermogen per kanaal
- Maximale uitgangsvermogen (NTP) : 24dBm
- Frequentiebereik : 1880 -1900 MHz
ATLINKS Europe
28 Boulevard Belle Rive
92500 RUEIL-MALMAISON - France
RCS Nanterre 508 823 747
ATLINKS UK Ltd
3rd Floor, Waverley House
7-12 Noel Street, London, W1F 8GQ - UK
Company registration: 13809295
www.alcatel-home.com
Alcatel is a trademark of Nokia, used under license by Atlinks.
XL595B Voice / XL595B Voice Duo / XL595B Voice Trio_NEU
A/W no.: 10002792 Rev.0 (FR/EN/DE/NL/IT/ES/PT)
Made in P.R.C.
2/2
